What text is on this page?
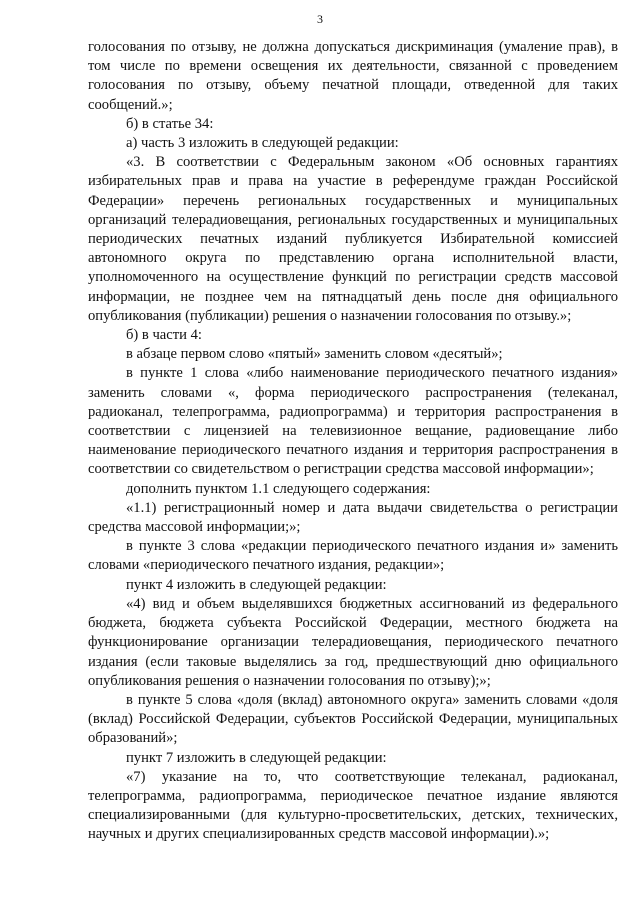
3

голосования по отзыву, не должна допускаться дискриминация (умаление прав), в том числе по времени освещения их деятельности, связанной с проведением голосования по отзыву, объему печатной площади, отведенной для таких сообщений.»;

б) в статье 34:

а) часть 3 изложить в следующей редакции:

«3. В соответствии с Федеральным законом «Об основных гарантиях избирательных прав и права на участие в референдуме граждан Российской Федерации» перечень региональных государственных и муниципальных организаций телерадиовещания, региональных государственных и муниципальных периодических печатных изданий публикуется Избирательной комиссией автономного округа по представлению органа исполнительной власти, уполномоченного на осуществление функций по регистрации средств массовой информации, не позднее чем на пятнадцатый день после дня официального опубликования (публикации) решения о назначении голосования по отзыву.»;

б) в части 4:

в абзаце первом слово «пятый» заменить словом «десятый»;

в пункте 1 слова «либо наименование периодического печатного издания» заменить словами «, форма периодического распространения (телеканал, радиоканал, телепрограмма, радиопрограмма) и территория распространения в соответствии с лицензией на телевизионное вещание, радиовещание либо наименование периодического печатного издания и территория распространения в соответствии со свидетельством о регистрации средства массовой информации»;

дополнить пунктом 1.1 следующего содержания:

«1.1) регистрационный номер и дата выдачи свидетельства о регистрации средства массовой информации;»;

в пункте 3 слова «редакции периодического печатного издания и» заменить словами «периодического печатного издания, редакции»;

пункт 4 изложить в следующей редакции:

«4) вид и объем выделявшихся бюджетных ассигнований из федерального бюджета, бюджета субъекта Российской Федерации, местного бюджета на функционирование организации телерадиовещания, периодического печатного издания (если таковые выделялись за год, предшествующий дню официального опубликования решения о назначении голосования по отзыву);»;

в пункте 5 слова «доля (вклад) автономного округа» заменить словами «доля (вклад) Российской Федерации, субъектов Российской Федерации, муниципальных образований»;

пункт 7 изложить в следующей редакции:

«7) указание на то, что соответствующие телеканал, радиоканал, телепрограмма, радиопрограмма, периодическое печатное издание являются специализированными (для культурно-просветительских, детских, технических, научных и других специализированных средств массовой информации).»;
